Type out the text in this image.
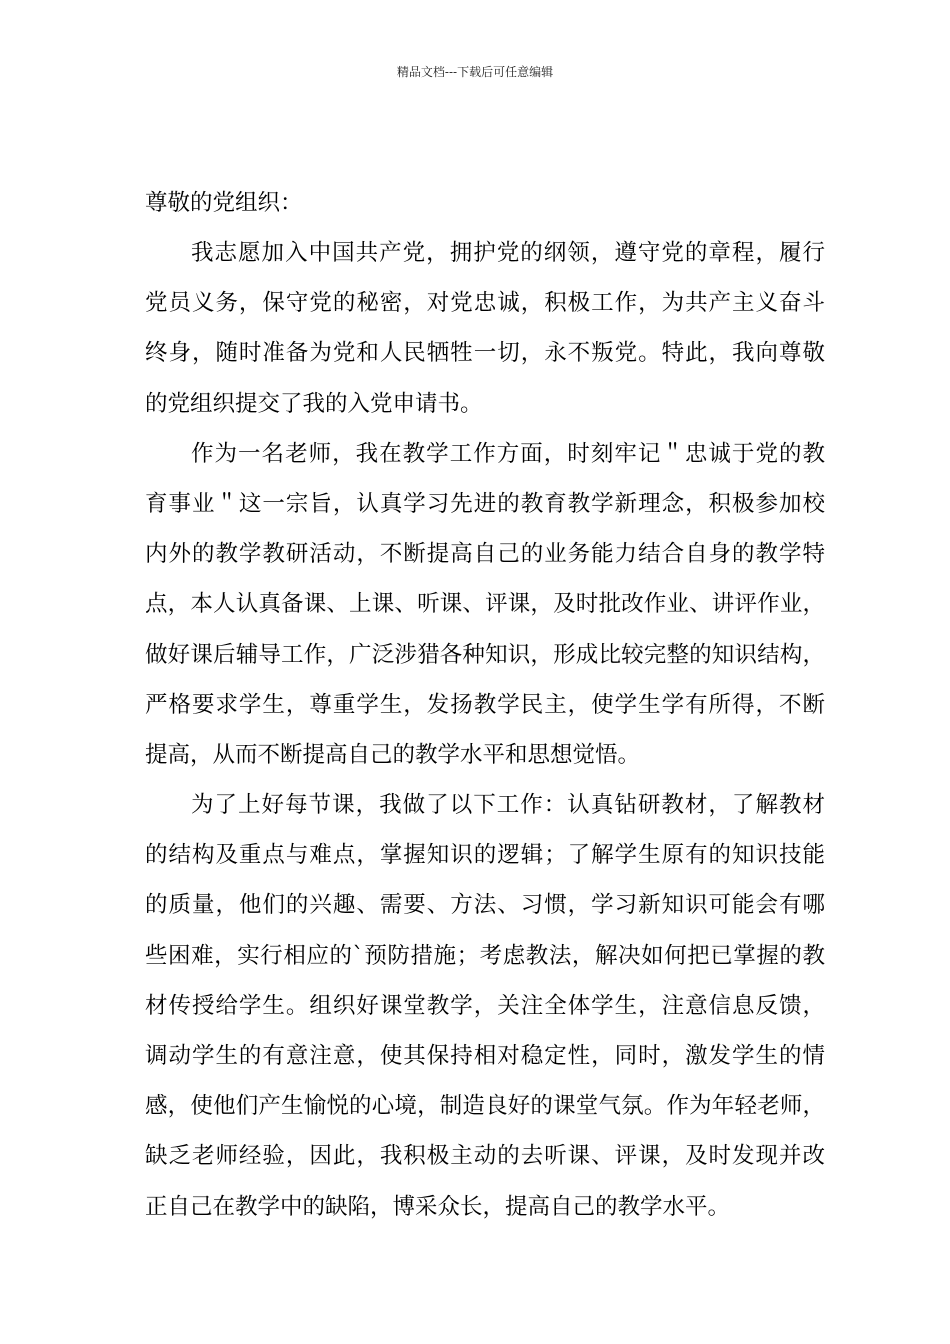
精品文档---下载后可任意编辑

尊敬的党组织：

我志愿加入中国共产党，拥护党的纲领，遵守党的章程，履行
党员义务，保守党的秘密，对党忠诚，积极工作，为共产主义奋斗
终身，随时准备为党和人民牺牲一切，永不叛党。特此，我向尊敬
的党组织提交了我的入党申请书。
作为一名老师，我在教学工作方面，时刻牢记＂忠诚于党的教
育事业＂这一宗旨，认真学习先进的教育教学新理念，积极参加校
内外的教学教研活动，不断提高自己的业务能力结合自身的教学特
点，本人认真备课、上课、听课、评课，及时批改作业、讲评作业，
做好课后辅导工作，广泛涉猎各种知识，形成比较完整的知识结构，
严格要求学生，尊重学生，发扬教学民主，使学生学有所得，不断
提高，从而不断提高自己的教学水平和思想觉悟。
为了上好每节课，我做了以下工作：认真钻研教材，了解教材
的结构及重点与难点，掌握知识的逻辑；了解学生原有的知识技能
的质量，他们的兴趣、需要、方法、习惯，学习新知识可能会有哪
些困难，实行相应的`预防措施；考虑教法，解决如何把已掌握的教
材传授给学生。组织好课堂教学，关注全体学生，注意信息反馈，
调动学生的有意注意，使其保持相对稳定性，同时，激发学生的情
感，使他们产生愉悦的心境，制造良好的课堂气氛。作为年轻老师，
缺乏老师经验，因此，我积极主动的去听课、评课，及时发现并改
正自己在教学中的缺陷，博采众长，提高自己的教学水平。
